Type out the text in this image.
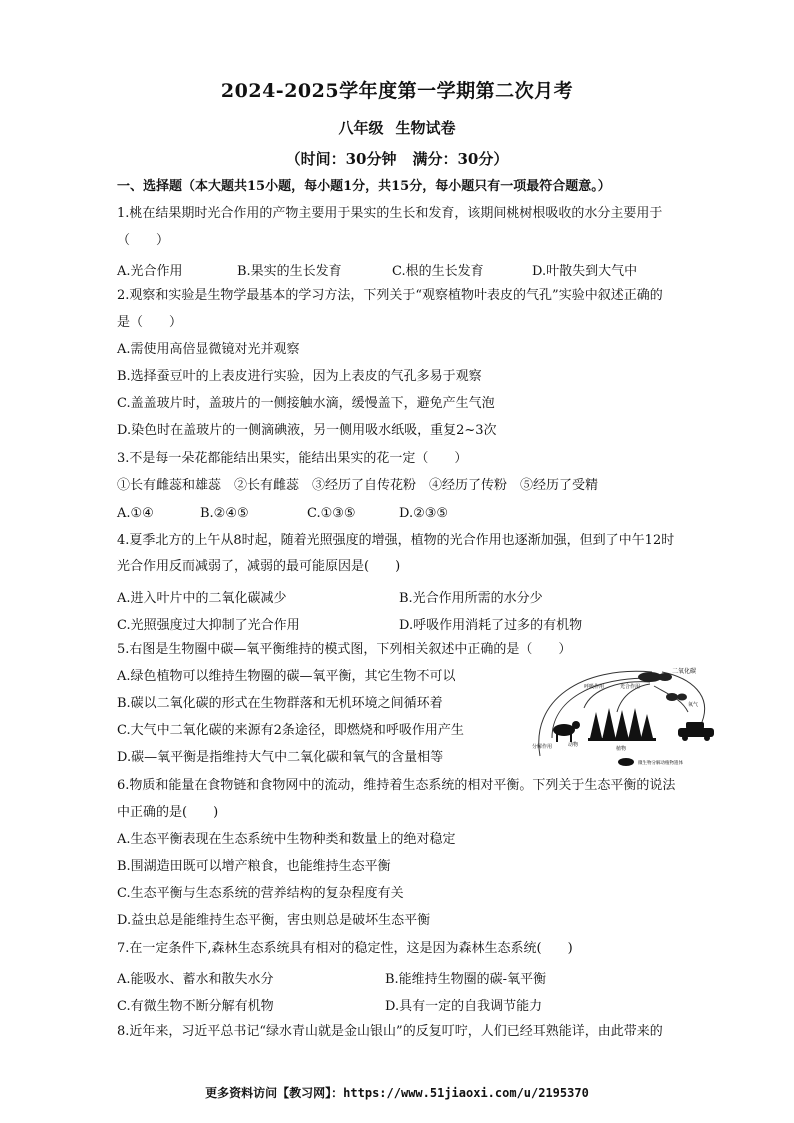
2024-2025学年度第一学期第二次月考
八年级 生物试卷
（时间：30分钟 满分：30分）
一、选择题（本大题共15小题，每小题1分，共15分，每小题只有一项最符合题意。）
1.桃在结果期时光合作用的产物主要用于果实的生长和发育，该期间桃树根吸收的水分主要用于
（　　）
A.光合作用	B.果实的生长发育	C.根的生长发育	D.叶散失到大气中
2.观察和实验是生物学最基本的学习方法，下列关于“观察植物叶表皮的气孔”实验中叙述正确的
是（　　）
A.需使用高倍显微镜对光并观察
B.选择蚕豆叶的上表皮进行实验，因为上表皮的气孔多易于观察
C.盖盖玻片时，盖玻片的一侧接触水滴，缓慢盖下，避免产生气泡
D.染色时在盖玻片的一侧滴碘液，另一侧用吸水纸吸，重复2~3次
3.不是每一朵花都能结出果实，能结出果实的花一定（　　）
①长有雌蕊和雄蕊　②长有雌蕊　③经历了自传花粉　④经历了传粉　⑤经历了受精
A.①④	B.②④⑤	C.①③⑤	D.②③⑤
4.夏季北方的上午从8时起，随着光照强度的增强，植物的光合作用也逐渐加强，但到了中午12时
光合作用反而减弱了，减弱的最可能原因是(　　)
A.进入叶片中的二氧化碳减少	B.光合作用所需的水分少
C.光照强度过大抑制了光合作用	D.呼吸作用消耗了过多的有机物
5.右图是生物圈中碳—氧平衡维持的模式图，下列相关叙述中正确的是（　　）
A.绿色植物可以维持生物圈的碳—氧平衡，其它生物不可以
B.碳以二氧化碳的形式在生物群落和无机环境之间循环着
C.大气中二氧化碳的来源有2条途径，即燃烧和呼吸作用产生
D.碳—氧平衡是指维持大气中二氧化碳和氧气的含量相等
二氧化碳
氧气
呼吸作用	光合作用
动物
植物
分解作用
微生物分解动植物遗体
6.物质和能量在食物链和食物网中的流动，维持着生态系统的相对平衡。下列关于生态平衡的说法
中正确的是(　　)
A.生态平衡表现在生态系统中生物种类和数量上的绝对稳定
B.围湖造田既可以增产粮食，也能维持生态平衡
C.生态平衡与生态系统的营养结构的复杂程度有关
D.益虫总是能维持生态平衡，害虫则总是破坏生态平衡
7.在一定条件下,森林生态系统具有相对的稳定性，这是因为森林生态系统(　　)
A.能吸水、蓄水和散失水分	B.能维持生物圈的碳-氧平衡
C.有微生物不断分解有机物	D.具有一定的自我调节能力
8.近年来，习近平总书记“绿水青山就是金山银山”的反复叮咛，人们已经耳熟能详，由此带来的
更多资料访问【教习网】：https://www.51jiaoxi.com/u/2195370
